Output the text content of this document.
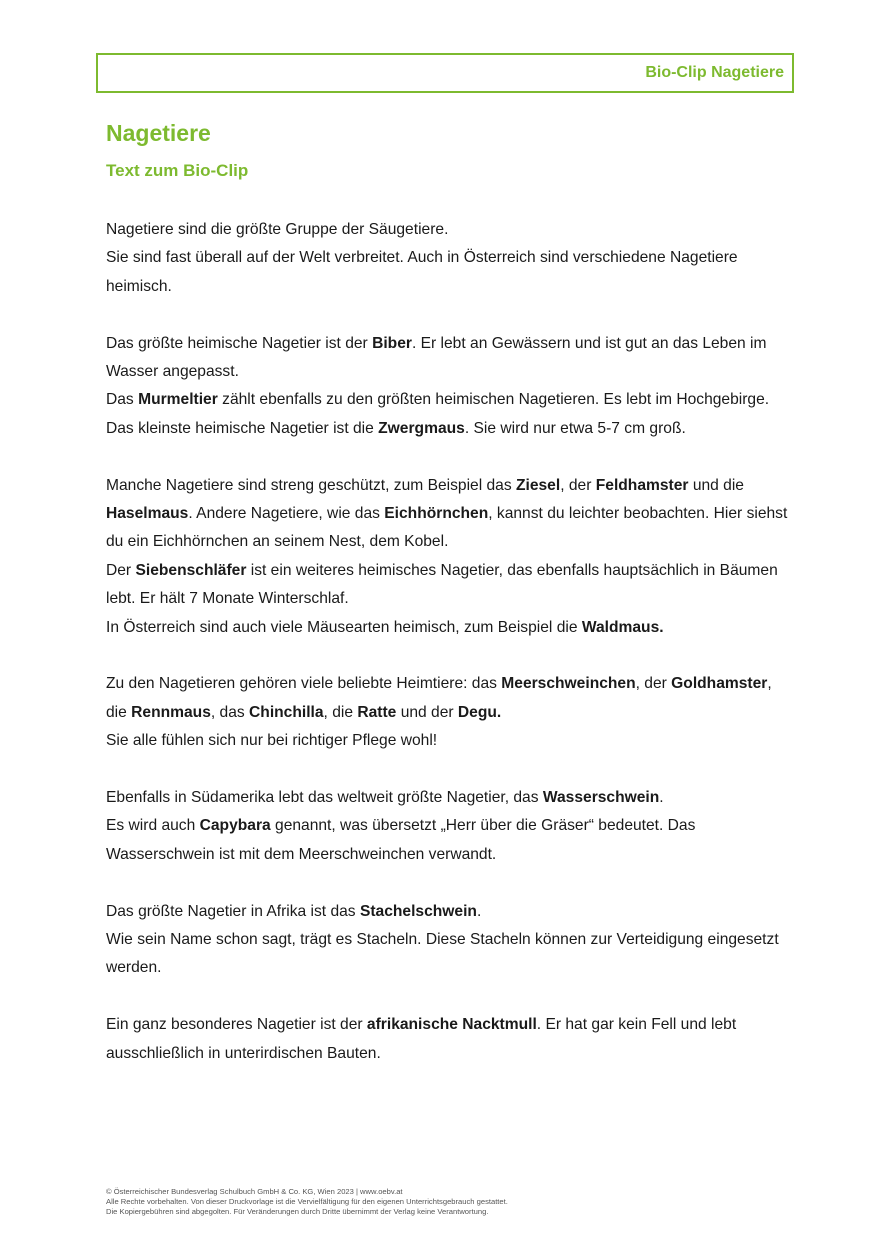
Bio-Clip Nagetiere
Nagetiere
Text zum Bio-Clip

Nagetiere sind die größte Gruppe der Säugetiere.
Sie sind fast überall auf der Welt verbreitet. Auch in Österreich sind verschiedene Nagetiere heimisch.

Das größte heimische Nagetier ist der Biber. Er lebt an Gewässern und ist gut an das Leben im Wasser angepasst.
Das Murmeltier zählt ebenfalls zu den größten heimischen Nagetieren. Es lebt im Hochgebirge.
Das kleinste heimische Nagetier ist die Zwergmaus. Sie wird nur etwa 5-7 cm groß.

Manche Nagetiere sind streng geschützt, zum Beispiel das Ziesel, der Feldhamster und die Haselmaus. Andere Nagetiere, wie das Eichhörnchen, kannst du leichter beobachten. Hier siehst du ein Eichhörnchen an seinem Nest, dem Kobel.
Der Siebenschläfer ist ein weiteres heimisches Nagetier, das ebenfalls hauptsächlich in Bäumen lebt. Er hält 7 Monate Winterschlaf.
In Österreich sind auch viele Mäusearten heimisch, zum Beispiel die Waldmaus.

Zu den Nagetieren gehören viele beliebte Heimtiere: das Meerschweinchen, der Goldhamster, die Rennmaus, das Chinchilla, die Ratte und der Degu.
Sie alle fühlen sich nur bei richtiger Pflege wohl!

Ebenfalls in Südamerika lebt das weltweit größte Nagetier, das Wasserschwein.
Es wird auch Capybara genannt, was übersetzt „Herr über die Gräser“ bedeutet. Das Wasserschwein ist mit dem Meerschweinchen verwandt.

Das größte Nagetier in Afrika ist das Stachelschwein.
Wie sein Name schon sagt, trägt es Stacheln. Diese Stacheln können zur Verteidigung eingesetzt werden.

Ein ganz besonderes Nagetier ist der afrikanische Nacktmull. Er hat gar kein Fell und lebt ausschließlich in unterirdischen Bauten.

© Österreichischer Bundesverlag Schulbuch GmbH & Co. KG, Wien 2023 | www.oebv.at
Alle Rechte vorbehalten. Von dieser Druckvorlage ist die Vervielfältigung für den eigenen Unterrichtsgebrauch gestattet.
Die Kopiergebühren sind abgegolten. Für Veränderungen durch Dritte übernimmt der Verlag keine Verantwortung.
